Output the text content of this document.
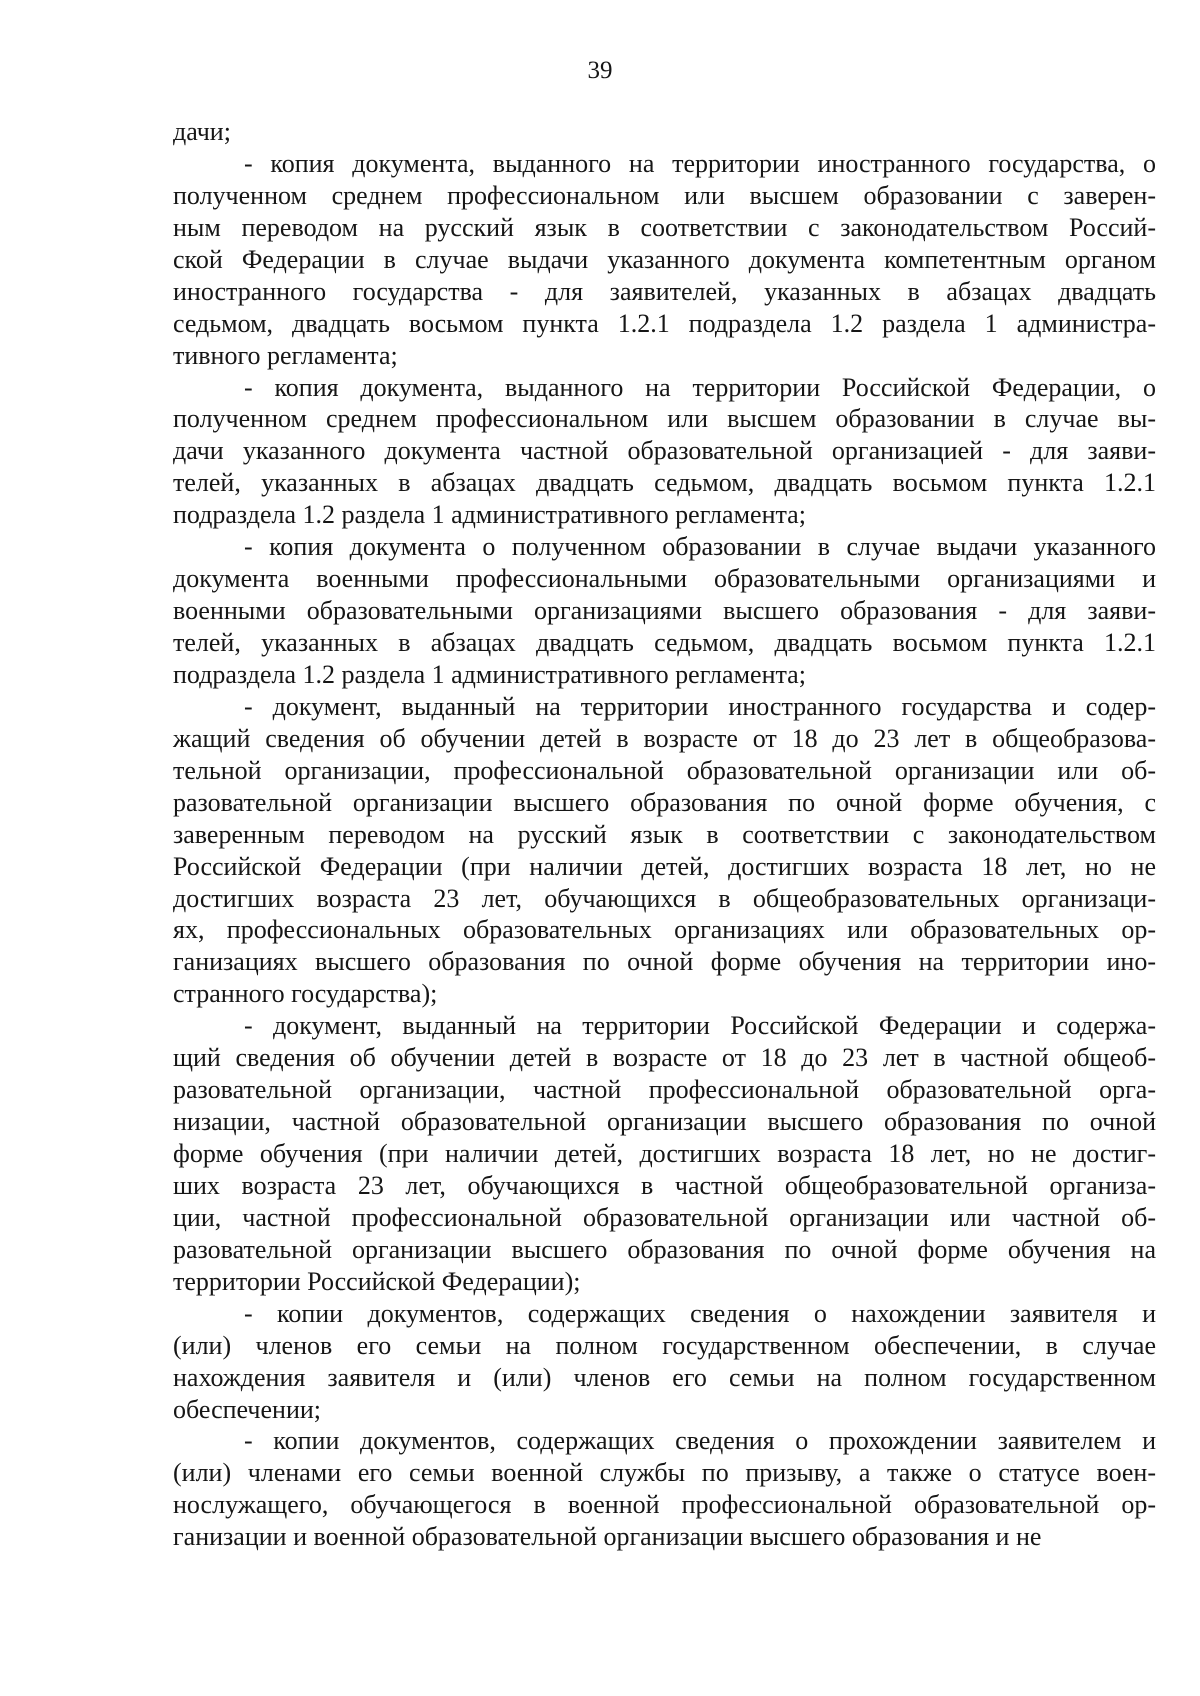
39
дачи;
- копия документа, выданного на территории иностранного государства, о
полученном среднем профессиональном или высшем образовании с заверен-
ным переводом на русский язык в соответствии с законодательством Россий-
ской Федерации в случае выдачи указанного документа компетентным органом
иностранного государства - для заявителей, указанных в абзацах двадцать
седьмом, двадцать восьмом пункта 1.2.1 подраздела 1.2 раздела 1 администра-
тивного регламента;
- копия документа, выданного на территории Российской Федерации, о
полученном среднем профессиональном или высшем образовании в случае вы-
дачи указанного документа частной образовательной организацией - для заяви-
телей, указанных в абзацах двадцать седьмом, двадцать восьмом пункта 1.2.1
подраздела 1.2 раздела 1 административного регламента;
- копия документа о полученном образовании в случае выдачи указанного
документа военными профессиональными образовательными организациями и
военными образовательными организациями высшего образования - для заяви-
телей, указанных в абзацах двадцать седьмом, двадцать восьмом пункта 1.2.1
подраздела 1.2 раздела 1 административного регламента;
- документ, выданный на территории иностранного государства и содер-
жащий сведения об обучении детей в возрасте от 18 до 23 лет в общеобразова-
тельной организации, профессиональной образовательной организации или об-
разовательной организации высшего образования по очной форме обучения, с
заверенным переводом на русский язык в соответствии с законодательством
Российской Федерации (при наличии детей, достигших возраста 18 лет, но не
достигших возраста 23 лет, обучающихся в общеобразовательных организаци-
ях, профессиональных образовательных организациях или образовательных ор-
ганизациях высшего образования по очной форме обучения на территории ино-
странного государства);
- документ, выданный на территории Российской Федерации и содержа-
щий сведения об обучении детей в возрасте от 18 до 23 лет в частной общеоб-
разовательной организации, частной профессиональной образовательной орга-
низации, частной образовательной организации высшего образования по очной
форме обучения (при наличии детей, достигших возраста 18 лет, но не достиг-
ших возраста 23 лет, обучающихся в частной общеобразовательной организа-
ции, частной профессиональной образовательной организации или частной об-
разовательной организации высшего образования по очной форме обучения на
территории Российской Федерации);
- копии документов, содержащих сведения о нахождении заявителя и
(или) членов его семьи на полном государственном обеспечении, в случае
нахождения заявителя и (или) членов его семьи на полном государственном
обеспечении;
- копии документов, содержащих сведения о прохождении заявителем и
(или) членами его семьи военной службы по призыву, а также о статусе воен-
нослужащего, обучающегося в военной профессиональной образовательной ор-
ганизации и военной образовательной организации высшего образования и не
